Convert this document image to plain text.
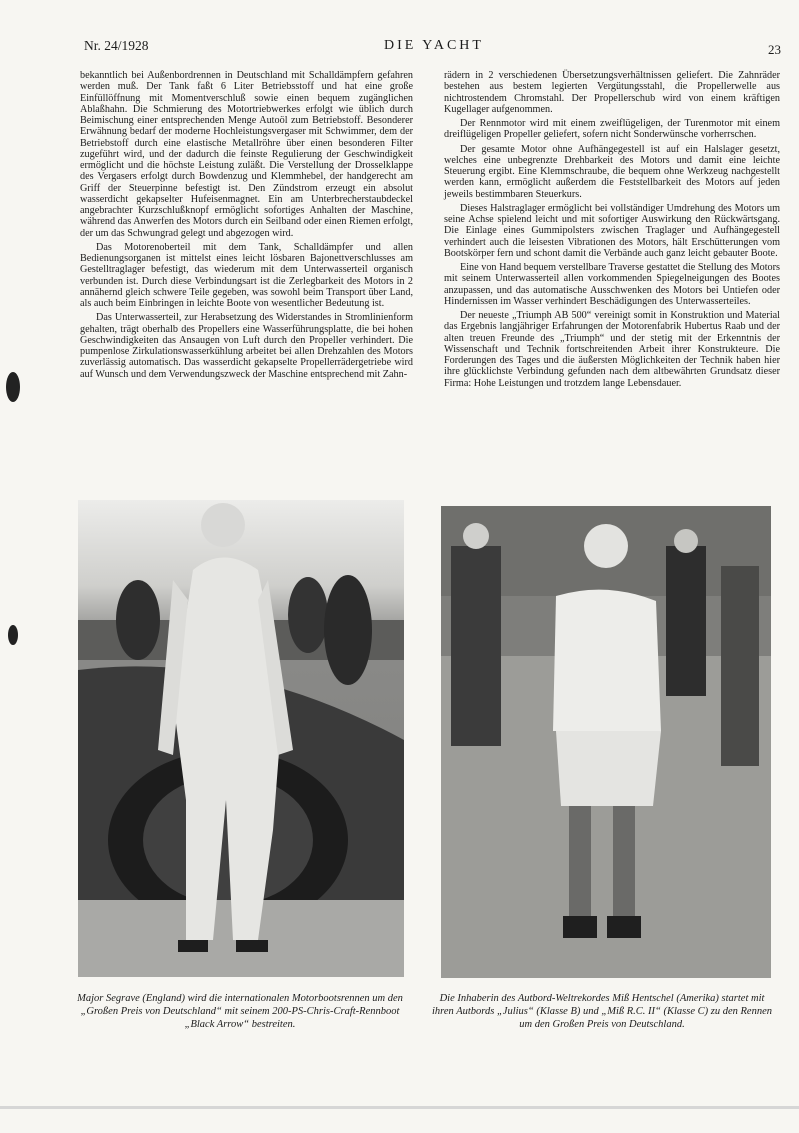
Nr. 24/1928	DIE YACHT	23

bekanntlich bei Außenbordrennen in Deutschland mit Schalldämpfern gefahren werden muß. Der Tank faßt 6 Liter Betriebsstoff und hat eine große Einfüllöffnung mit Momentverschluß sowie einen bequem zugänglichen Ablaßhahn. Die Schmierung des Motortriebwerkes erfolgt wie üblich durch Beimischung einer entsprechenden Menge Autoöl zum Betriebstoff. Besonderer Erwähnung bedarf der moderne Hochleistungsvergaser mit Schwimmer, dem der Betriebstoff durch eine elastische Metallröhre über einen besonderen Filter zugeführt wird, und der dadurch die feinste Regulierung der Geschwindigkeit ermöglicht und die höchste Leistung zuläßt. Die Verstellung der Drosselklappe des Vergasers erfolgt durch Bowdenzug und Klemmhebel, der handgerecht am Griff der Steuerpinne befestigt ist. Den Zündstrom erzeugt ein absolut wasserdicht gekapselter Hufeisenmagnet. Ein am Unterbrecherstaubdeckel angebrachter Kurzschlußknopf ermöglicht sofortiges Anhalten der Maschine, während das Anwerfen des Motors durch ein Seilband oder einen Riemen erfolgt, der um das Schwungrad gelegt und abgezogen wird.

Das Motorenoberteil mit dem Tank, Schalldämpfer und allen Bedienungsorganen ist mittelst eines leicht lösbaren Bajonettverschlusses am Gestelltraglager befestigt, das wiederum mit dem Unterwasserteil organisch verbunden ist. Durch diese Verbindungsart ist die Zerlegbarkeit des Motors in 2 annähernd gleich schwere Teile gegeben, was sowohl beim Transport über Land, als auch beim Einbringen in leichte Boote von wesentlicher Bedeutung ist.

Das Unterwasserteil, zur Herabsetzung des Widerstandes in Stromlinienform gehalten, trägt oberhalb des Propellers eine Wasserführungsplatte, die bei hohen Geschwindigkeiten das Ansaugen von Luft durch den Propeller verhindert. Die pumpenlose Zirkulationswasserkühlung arbeitet bei allen Drehzahlen des Motors zuverlässig automatisch. Das wasserdicht gekapselte Propellerrädergetriebe wird auf Wunsch und dem Verwendungszweck der Maschine entsprechend mit Zahn-

rädern in 2 verschiedenen Übersetzungsverhältnissen geliefert. Die Zahnräder bestehen aus bestem legierten Vergütungsstahl, die Propellerwelle aus nichtrostendem Chromstahl. Der Propellerschub wird von einem kräftigen Kugellager aufgenommen.

Der Rennmotor wird mit einem zweiflügeligen, der Turenmotor mit einem dreiflügeligen Propeller geliefert, sofern nicht Sonderwünsche vorherrschen.

Der gesamte Motor ohne Aufhängegestell ist auf ein Halslager gesetzt, welches eine unbegrenzte Drehbarkeit des Motors und damit eine leichte Steuerung ergibt. Eine Klemmschraube, die bequem ohne Werkzeug nachgestellt werden kann, ermöglicht außerdem die Feststellbarkeit des Motors auf jeden jeweils bestimmbaren Steuerkurs.

Dieses Halstraglager ermöglicht bei vollständiger Umdrehung des Motors um seine Achse spielend leicht und mit sofortiger Auswirkung den Rückwärtsgang. Die Einlage eines Gummipolsters zwischen Traglager und Aufhängegestell verhindert auch die leisesten Vibrationen des Motors, hält Erschütterungen vom Bootskörper fern und schont damit die Verbände auch ganz leicht gebauter Boote.

Eine von Hand bequem verstellbare Traverse gestattet die Stellung des Motors mit seinem Unterwasserteil allen vorkommenden Spiegelneigungen des Bootes anzupassen, und das automatische Ausschwenken des Motors bei Untiefen oder Hindernissen im Wasser verhindert Beschädigungen des Unterwasserteiles.

Der neueste „Triumph AB 500“ vereinigt somit in Konstruktion und Material das Ergebnis langjähriger Erfahrungen der Motorenfabrik Hubertus Raab und der alten treuen Freunde des „Triumph“ und der stetig mit der Erkenntnis der Wissenschaft und Technik fortschreitenden Arbeit ihrer Konstrukteure. Die Forderungen des Tages und die äußersten Möglichkeiten der Technik haben hier ihre glücklichste Verbindung gefunden nach dem altbewährten Grundsatz dieser Firma: Hohe Leistungen und trotzdem lange Lebensdauer.

Major Segrave (England) wird die internationalen Motorbootsrennen um den „Großen Preis von Deutschland“ mit seinem 200-PS-Chris-Craft-Rennboot „Black Arrow“ bestreiten.
Die Inhaberin des Autbord-Weltrekordes Miß Hentschel (Amerika) startet mit ihren Autbords „Julius“ (Klasse B) und „Miß R.C. II“ (Klasse C) zu den Rennen um den Großen Preis von Deutschland.
